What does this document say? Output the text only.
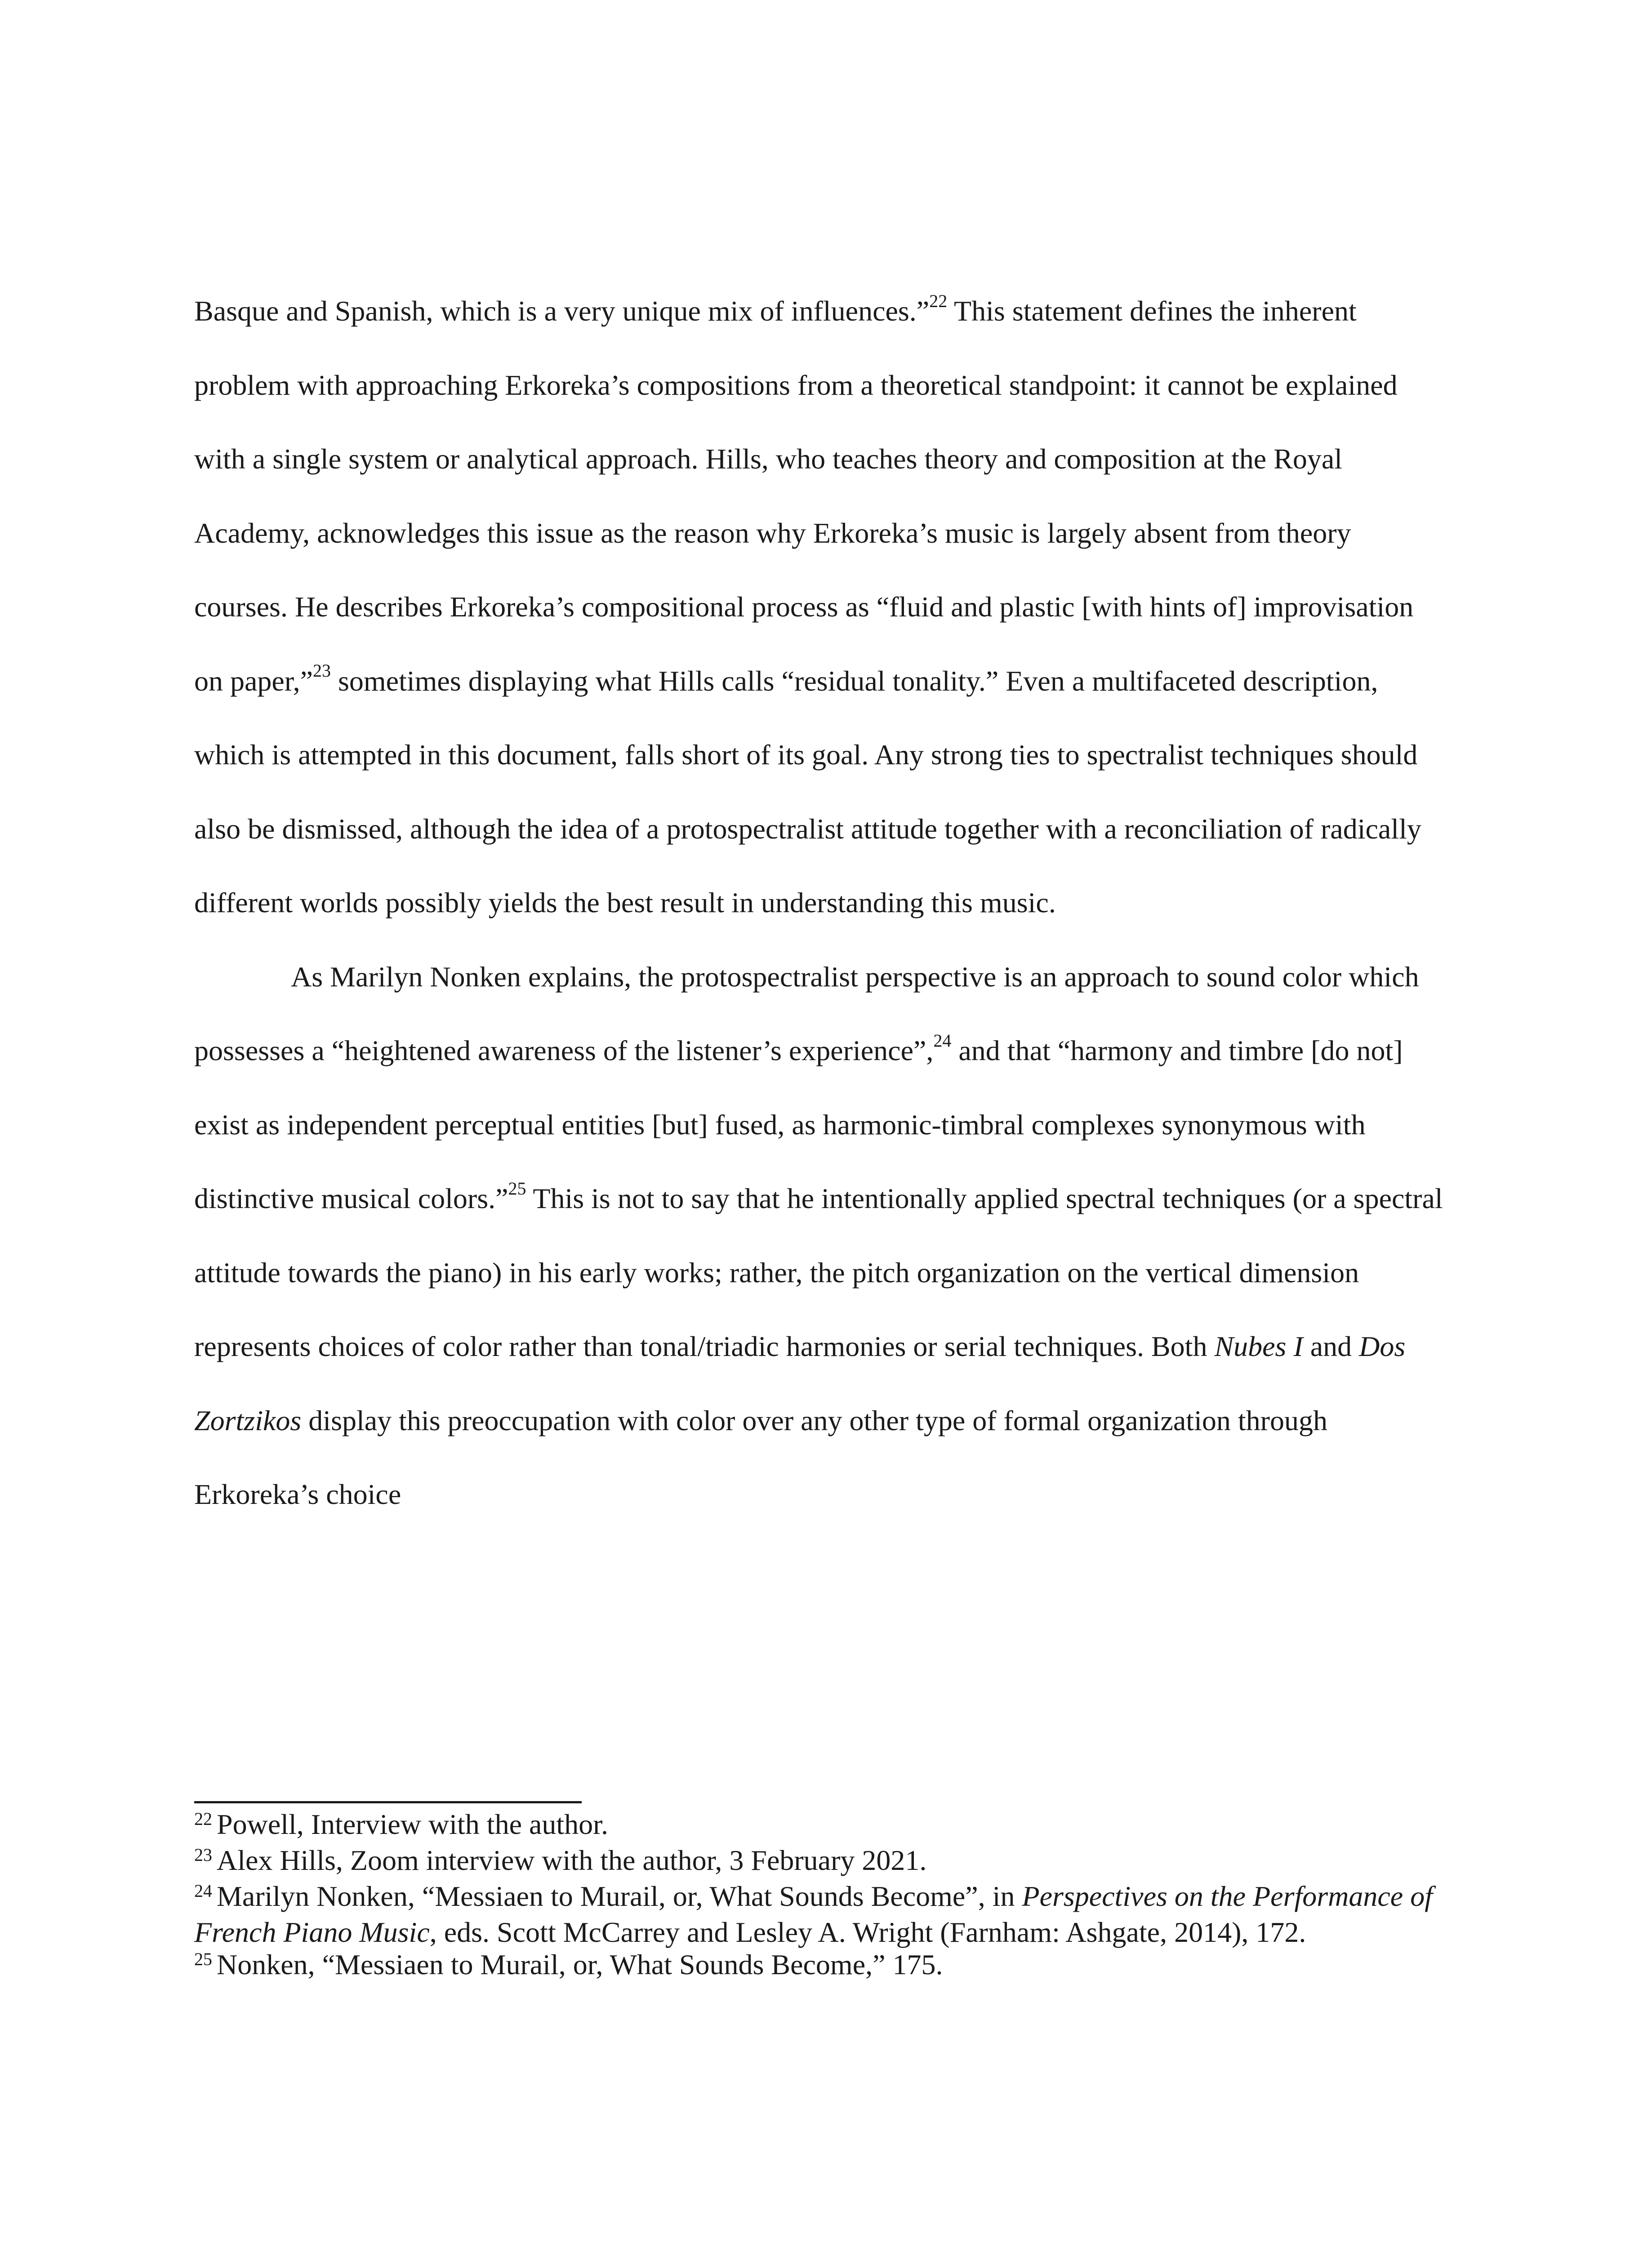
Basque and Spanish, which is a very unique mix of influences.”$^{22}$ This statement defines the inherent problem with approaching Erkoreka’s compositions from a theoretical standpoint: it cannot be explained with a single system or analytical approach. Hills, who teaches theory and composition at the Royal Academy, acknowledges this issue as the reason why Erkoreka’s music is largely absent from theory courses. He describes Erkoreka’s compositional process as “fluid and plastic [with hints of] improvisation on paper,”$^{23}$ sometimes displaying what Hills calls “residual tonality.” Even a multifaceted description, which is attempted in this document, falls short of its goal. Any strong ties to spectralist techniques should also be dismissed, although the idea of a protospectralist attitude together with a reconciliation of radically different worlds possibly yields the best result in understanding this music.

As Marilyn Nonken explains, the protospectralist perspective is an approach to sound color which possesses a “heightened awareness of the listener’s experience”,$^{24}$ and that “harmony and timbre [do not] exist as independent perceptual entities [but] fused, as harmonic-timbral complexes synonymous with distinctive musical colors.”$^{25}$ This is not to say that he intentionally applied spectral techniques (or a spectral attitude towards the piano) in his early works; rather, the pitch organization on the vertical dimension represents choices of color rather than tonal/triadic harmonies or serial techniques. Both Nubes I and Dos Zortzikos display this preoccupation with color over any other type of formal organization through Erkoreka’s choice

$^{22}$ Powell, Interview with the author.

$^{23}$ Alex Hills, Zoom interview with the author, 3 February 2021.

$^{24}$ Marilyn Nonken, “Messiaen to Murail, or, What Sounds Become”, in Perspectives on the Performance of French Piano Music, eds. Scott McCarrey and Lesley A. Wright (Farnham: Ashgate, 2014), 172.

$^{25}$ Nonken, “Messiaen to Murail, or, What Sounds Become,” 175.
